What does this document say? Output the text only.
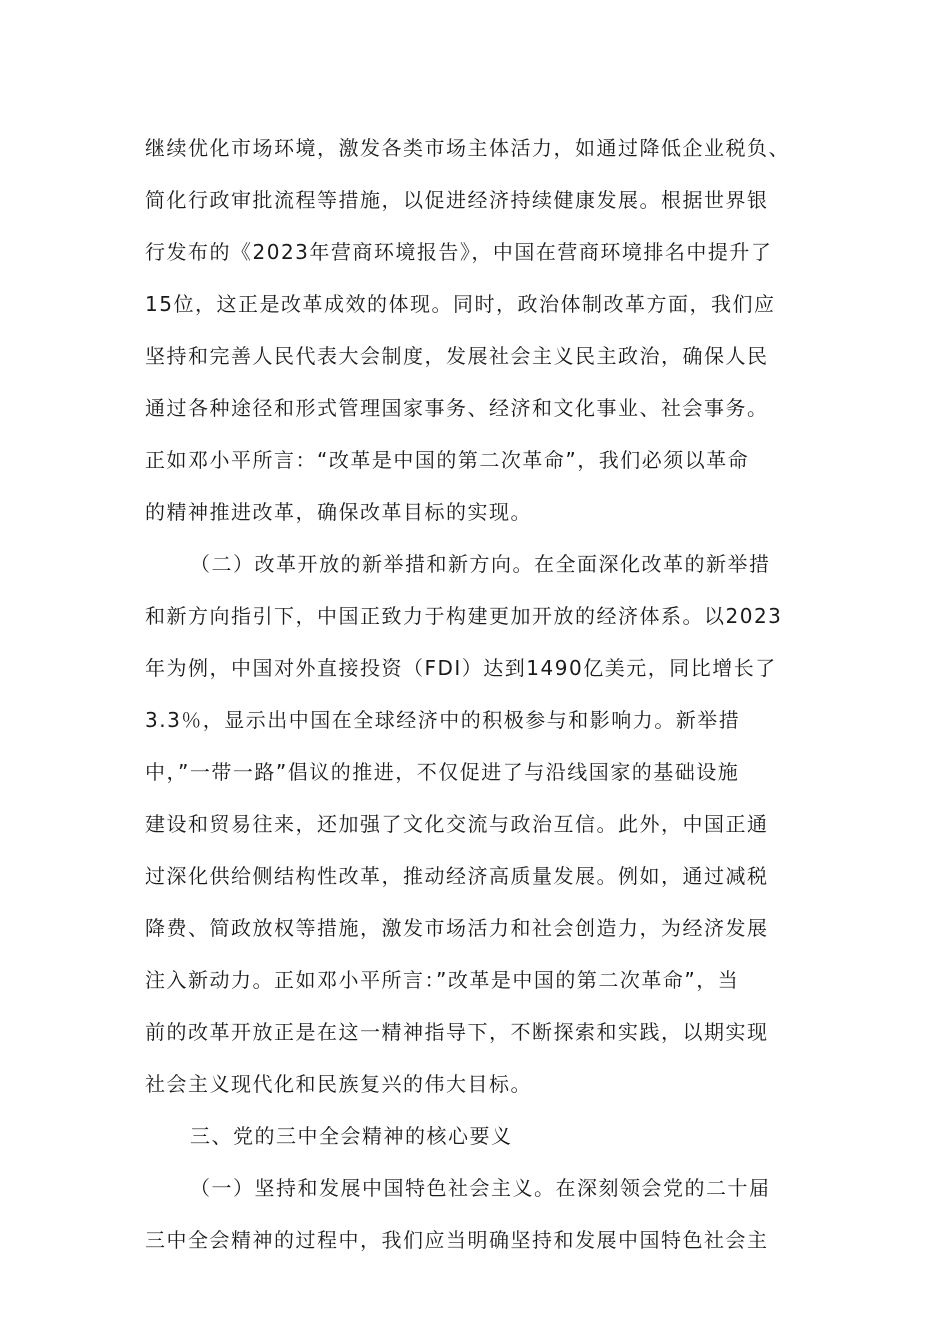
继续优化市场环境，激发各类市场主体活力，如通过降低企业税负、
简化行政审批流程等措施，以促进经济持续健康发展。根据世界银
行发布的《2023年营商环境报告》，中国在营商环境排名中提升了
15位，这正是改革成效的体现。同时，政治体制改革方面，我们应
坚持和完善人民代表大会制度，发展社会主义民主政治，确保人民
通过各种途径和形式管理国家事务、经济和文化事业、社会事务。
正如邓小平所言：“改革是中国的第二次革命”，我们必须以革命
的精神推进改革，确保改革目标的实现。
（二）改革开放的新举措和新方向。在全面深化改革的新举措
和新方向指引下，中国正致力于构建更加开放的经济体系。以2023
年为例，中国对外直接投资（FDI）达到1490亿美元，同比增长了
3.3％，显示出中国在全球经济中的积极参与和影响力。新举措
中，”一带一路”倡议的推进，不仅促进了与沿线国家的基础设施
建设和贸易往来，还加强了文化交流与政治互信。此外，中国正通
过深化供给侧结构性改革，推动经济高质量发展。例如，通过减税
降费、简政放权等措施，激发市场活力和社会创造力，为经济发展
注入新动力。正如邓小平所言：”改革是中国的第二次革命”，当
前的改革开放正是在这一精神指导下，不断探索和实践，以期实现
社会主义现代化和民族复兴的伟大目标。
三、党的三中全会精神的核心要义
（一）坚持和发展中国特色社会主义。在深刻领会党的二十届
三中全会精神的过程中，我们应当明确坚持和发展中国特色社会主
